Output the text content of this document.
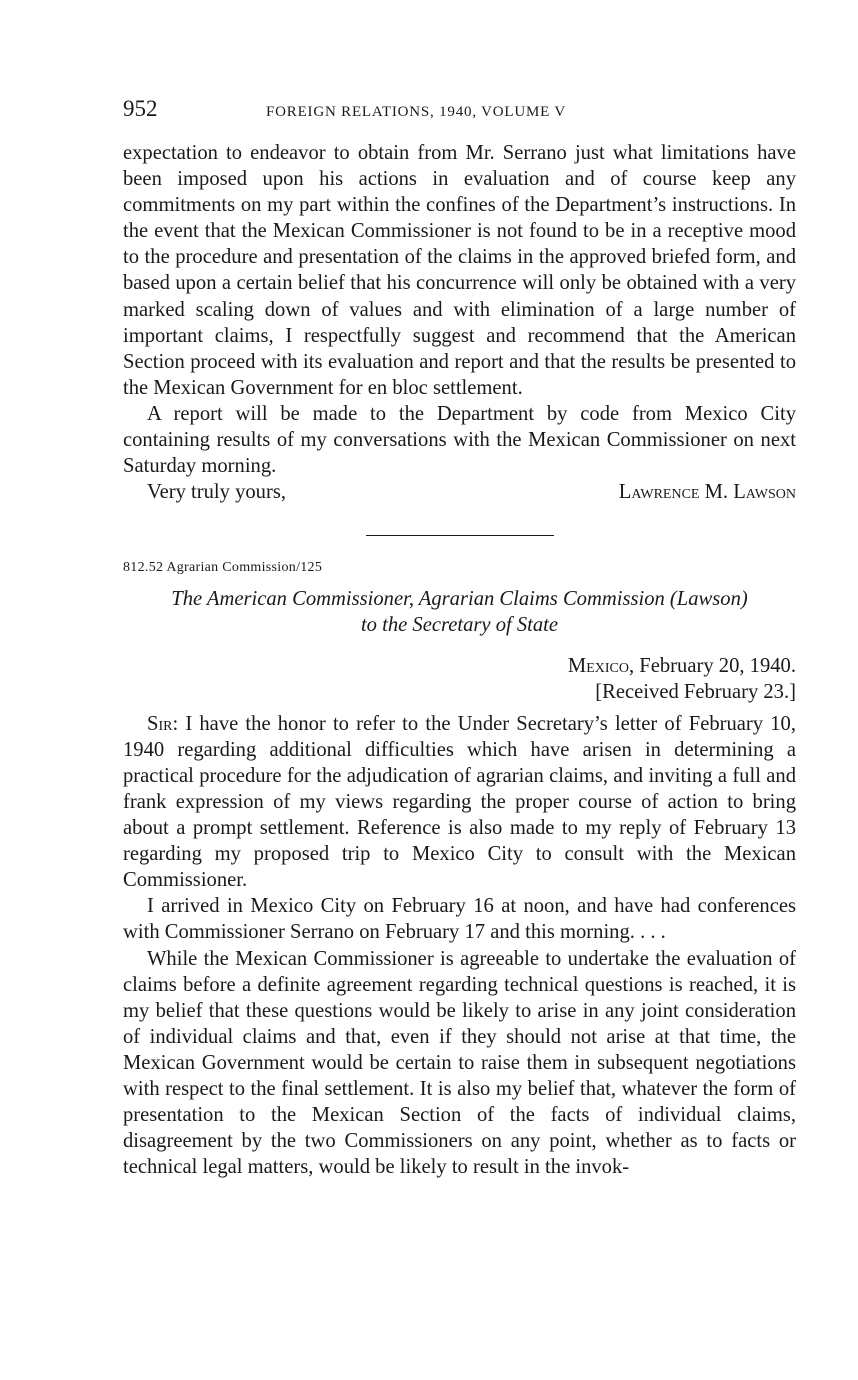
952	FOREIGN RELATIONS, 1940, VOLUME V

expectation to endeavor to obtain from Mr. Serrano just what limitations have been imposed upon his actions in evaluation and of course keep any commitments on my part within the confines of the Department’s instructions. In the event that the Mexican Commissioner is not found to be in a receptive mood to the procedure and presentation of the claims in the approved briefed form, and based upon a certain belief that his concurrence will only be obtained with a very marked scaling down of values and with elimination of a large number of important claims, I respectfully suggest and recommend that the American Section proceed with its evaluation and report and that the results be presented to the Mexican Government for en bloc settlement.

A report will be made to the Department by code from Mexico City containing results of my conversations with the Mexican Commissioner on next Saturday morning.

Very truly yours,	Lawrence M. Lawson
812.52 Agrarian Commission/125
The American Commissioner, Agrarian Claims Commission (Lawson)
to the Secretary of State
Mexico, February 20, 1940.
[Received February 23.]

Sir: I have the honor to refer to the Under Secretary’s letter of February 10, 1940 regarding additional difficulties which have arisen in determining a practical procedure for the adjudication of agrarian claims, and inviting a full and frank expression of my views regarding the proper course of action to bring about a prompt settlement. Reference is also made to my reply of February 13 regarding my proposed trip to Mexico City to consult with the Mexican Commissioner.

I arrived in Mexico City on February 16 at noon, and have had conferences with Commissioner Serrano on February 17 and this morning. . . .

While the Mexican Commissioner is agreeable to undertake the evaluation of claims before a definite agreement regarding technical questions is reached, it is my belief that these questions would be likely to arise in any joint consideration of individual claims and that, even if they should not arise at that time, the Mexican Government would be certain to raise them in subsequent negotiations with respect to the final settlement. It is also my belief that, whatever the form of presentation to the Mexican Section of the facts of individual claims, disagreement by the two Commissioners on any point, whether as to facts or technical legal matters, would be likely to result in the invok-
